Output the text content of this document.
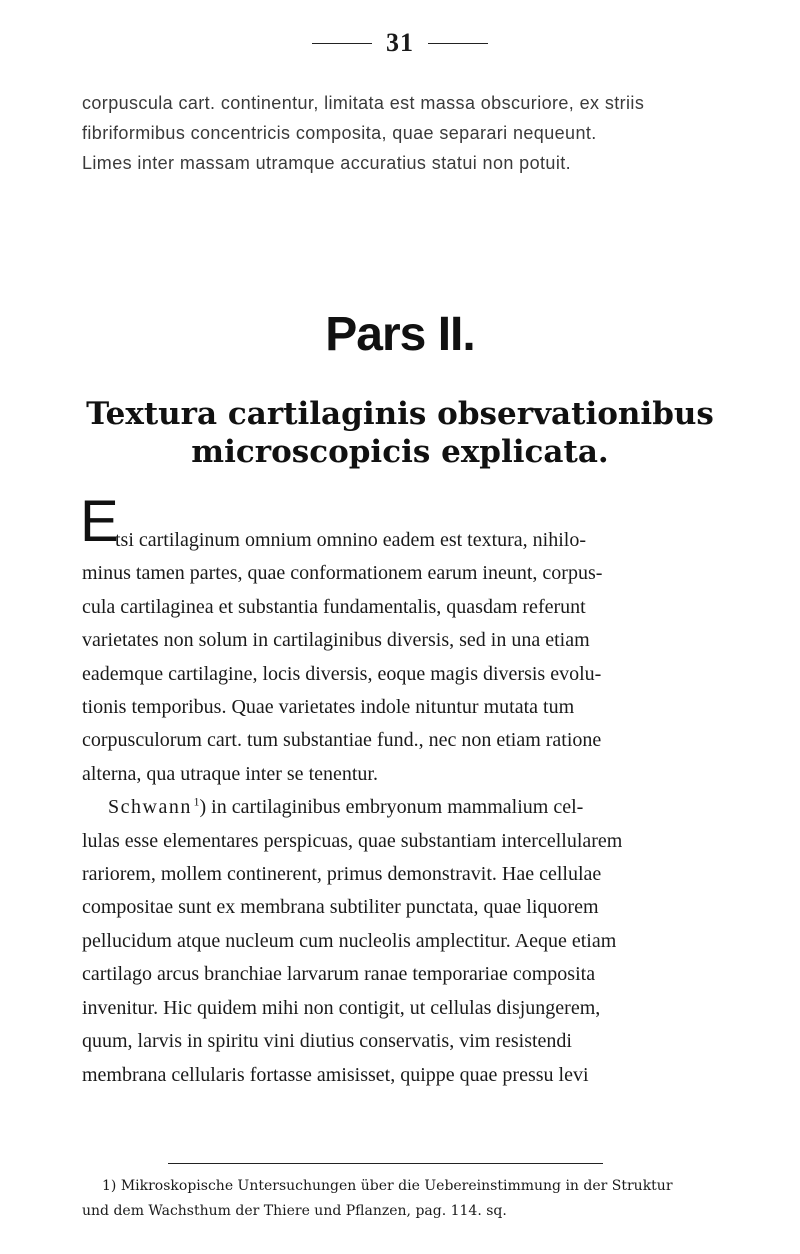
31
corpuscula cart. continentur, limitata est massa obscuriore, ex striis
fibriformibus concentricis composita, quae separari nequeunt.
Limes inter massam utramque accuratius statui non potuit.
Pars II.
Textura cartilaginis observationibus
microscopicis explicata.
E
tsi cartilaginum omnium omnino eadem est textura, nihilo-
minus tamen partes, quae conformationem earum ineunt, corpus-
cula cartilaginea et substantia fundamentalis, quasdam referunt
varietates non solum in cartilaginibus diversis, sed in una etiam
eademque cartilagine, locis diversis, eoque magis diversis evolu-
tionis temporibus. Quae varietates indole nituntur mutata tum
corpusculorum cart. tum substantiae fund., nec non etiam ratione
alterna, qua utraque inter se tenentur.
Schwann  $^1$) in cartilaginibus embryonum mammalium cel-
lulas esse elementares perspicuas, quae substantiam intercellularem
rariorem, mollem continerent, primus demonstravit. Hae cellulae
compositae sunt ex membrana subtiliter punctata, quae liquorem
pellucidum atque nucleum cum nucleolis amplectitur. Aeque etiam
cartilago arcus branchiae larvarum ranae temporariae composita
invenitur. Hic quidem mihi non contigit, ut cellulas disjungerem,
quum, larvis in spiritu vini diutius conservatis, vim resistendi
membrana cellularis fortasse amisisset, quippe quae pressu levi
1) Mikroskopische Untersuchungen über die Uebereinstimmung in der Struktur
und dem Wachsthum der Thiere und Pflanzen, pag. 114. sq.
